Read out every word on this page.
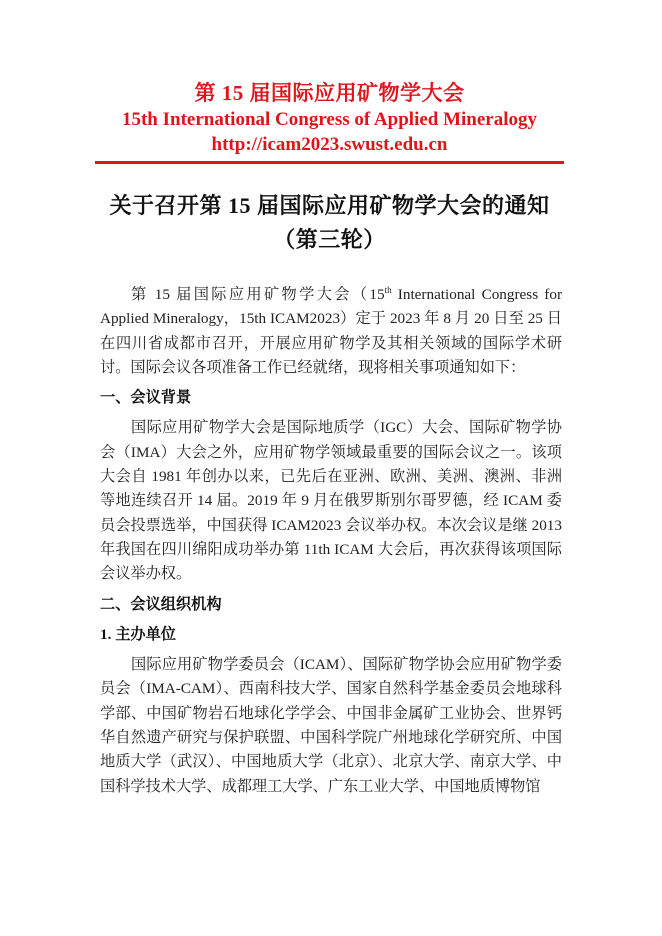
第 15 届国际应用矿物学大会
15th International Congress of Applied Mineralogy
http://icam2023.swust.edu.cn
关于召开第 15 届国际应用矿物学大会的通知
（第三轮）

第 15 届国际应用矿物学大会（15th International Congress for Applied Mineralogy，15th ICAM2023）定于 2023 年 8 月 20 日至 25 日在四川省成都市召开，开展应用矿物学及其相关领域的国际学术研讨。国际会议各项准备工作已经就绪，现将相关事项通知如下：

一、会议背景

国际应用矿物学大会是国际地质学（IGC）大会、国际矿物学协会（IMA）大会之外，应用矿物学领域最重要的国际会议之一。该项大会自 1981 年创办以来，已先后在亚洲、欧洲、美洲、澳洲、非洲等地连续召开 14 届。2019 年 9 月在俄罗斯别尔哥罗德，经 ICAM 委员会投票选举，中国获得 ICAM2023 会议举办权。本次会议是继 2013 年我国在四川绵阳成功举办第 11th ICAM 大会后，再次获得该项国际会议举办权。

二、会议组织机构

1. 主办单位

国际应用矿物学委员会（ICAM）、国际矿物学协会应用矿物学委员会（IMA-CAM）、西南科技大学、国家自然科学基金委员会地球科学部、中国矿物岩石地球化学学会、中国非金属矿工业协会、世界钙华自然遗产研究与保护联盟、中国科学院广州地球化学研究所、中国地质大学（武汉）、中国地质大学（北京）、北京大学、南京大学、中国科学技术大学、成都理工大学、广东工业大学、中国地质博物馆
